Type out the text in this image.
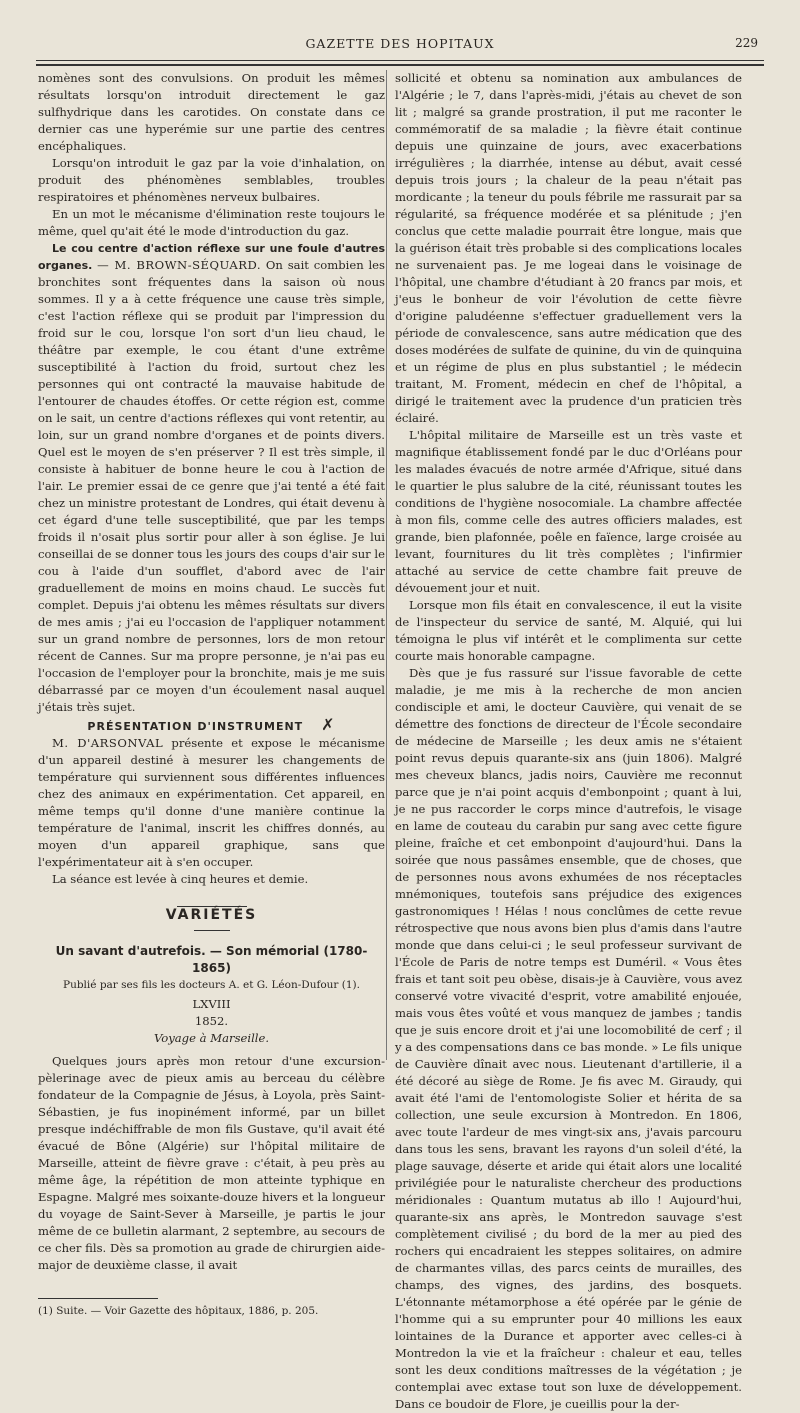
GAZETTE DES HOPITAUX	229

nomènes sont des convulsions. On produit les mêmes résultats lorsqu'on introduit directement le gaz sulfhydrique dans les carotides. On constate dans ce dernier cas une hyperémie sur une partie des centres encéphaliques.

Lorsqu'on introduit le gaz par la voie d'inhalation, on produit des phénomènes semblables, troubles respiratoires et phénomènes nerveux bulbaires.

En un mot le mécanisme d'élimination reste toujours le même, quel qu'ait été le mode d'introduction du gaz.

Le cou centre d'action réflexe sur une foule d'autres organes. — M. BROWN-SÉQUARD. On sait combien les bronchites sont fréquentes dans la saison où nous sommes. Il y a à cette fréquence une cause très simple, c'est l'action réflexe qui se produit par l'impression du froid sur le cou, lorsque l'on sort d'un lieu chaud, le théâtre par exemple, le cou étant d'une extrême susceptibilité à l'action du froid, surtout chez les personnes qui ont contracté la mauvaise habitude de l'entourer de chaudes étoffes. Or cette région est, comme on le sait, un centre d'actions réflexes qui vont retentir, au loin, sur un grand nombre d'organes et de points divers. Quel est le moyen de s'en préserver ? Il est très simple, il consiste à habituer de bonne heure le cou à l'action de l'air. Le premier essai de ce genre que j'ai tenté a été fait chez un ministre protestant de Londres, qui était devenu à cet égard d'une telle susceptibilité, que par les temps froids il n'osait plus sortir pour aller à son église. Je lui conseillai de se donner tous les jours des coups d'air sur le cou à l'aide d'un soufflet, d'abord avec de l'air graduellement de moins en moins chaud. Le succès fut complet. Depuis j'ai obtenu les mêmes résultats sur divers de mes amis ; j'ai eu l'occasion de l'appliquer notamment sur un grand nombre de personnes, lors de mon retour récent de Cannes. Sur ma propre personne, je n'ai pas eu l'occasion de l'employer pour la bronchite, mais je me suis débarrassé par ce moyen d'un écoulement nasal auquel j'étais très sujet.

PRÉSENTATION D'INSTRUMENT   ✗

M. D'ARSONVAL présente et expose le mécanisme d'un appareil destiné à mesurer les changements de température qui surviennent sous différentes influences chez des animaux en expérimentation. Cet appareil, en même temps qu'il donne d'une manière continue la température de l'animal, inscrit les chiffres donnés, au moyen d'un appareil graphique, sans que l'expérimentateur ait à s'en occuper.

La séance est levée à cinq heures et demie.

VARIÉTÉS

Un savant d'autrefois. — Son mémorial (1780-1865)

Publié par ses fils les docteurs A. et G. Léon-Dufour (1).

LXVIII

1852.

Voyage à Marseille.

Quelques jours après mon retour d'une excursion-pèlerinage avec de pieux amis au berceau du célèbre fondateur de la Compagnie de Jésus, à Loyola, près Saint-Sébastien, je fus inopinément informé, par un billet presque indéchiffrable de mon fils Gustave, qu'il avait été évacué de Bône (Algérie) sur l'hôpital militaire de Marseille, atteint de fièvre grave : c'était, à peu près au même âge, la répétition de mon atteinte typhique en Espagne. Malgré mes soixante-douze hivers et la longueur du voyage de Saint-Sever à Marseille, je partis le jour même de ce bulletin alarmant, 2 septembre, au secours de ce cher fils. Dès sa promotion au grade de chirurgien aide-major de deuxième classe, il avait

(1) Suite. — Voir Gazette des hôpitaux, 1886, p. 205.

sollicité et obtenu sa nomination aux ambulances de l'Algérie ; le 7, dans l'après-midi, j'étais au chevet de son lit ; malgré sa grande prostration, il put me raconter le commémoratif de sa maladie ; la fièvre était continue depuis une quinzaine de jours, avec exacerbations irrégulières ; la diarrhée, intense au début, avait cessé depuis trois jours ; la chaleur de la peau n'était pas mordicante ; la teneur du pouls fébrile me rassurait par sa régularité, sa fréquence modérée et sa plénitude ; j'en conclus que cette maladie pourrait être longue, mais que la guérison était très probable si des complications locales ne survenaient pas. Je me logeai dans le voisinage de l'hôpital, une chambre d'étudiant à 20 francs par mois, et j'eus le bonheur de voir l'évolution de cette fièvre d'origine paludéenne s'effectuer graduellement vers la période de convalescence, sans autre médication que des doses modérées de sulfate de quinine, du vin de quinquina et un régime de plus en plus substantiel ; le médecin traitant, M. Froment, médecin en chef de l'hôpital, a dirigé le traitement avec la prudence d'un praticien très éclairé.

L'hôpital militaire de Marseille est un très vaste et magnifique établissement fondé par le duc d'Orléans pour les malades évacués de notre armée d'Afrique, situé dans le quartier le plus salubre de la cité, réunissant toutes les conditions de l'hygiène nosocomiale. La chambre affectée à mon fils, comme celle des autres officiers malades, est grande, bien plafonnée, poêle en faïence, large croisée au levant, fournitures du lit très complètes ; l'infirmier attaché au service de cette chambre fait preuve de dévouement jour et nuit.

Lorsque mon fils était en convalescence, il eut la visite de l'inspecteur du service de santé, M. Alquié, qui lui témoigna le plus vif intérêt et le complimenta sur cette courte mais honorable campagne.

Dès que je fus rassuré sur l'issue favorable de cette maladie, je me mis à la recherche de mon ancien condisciple et ami, le docteur Cauvière, qui venait de se démettre des fonctions de directeur de l'École secondaire de médecine de Marseille ; les deux amis ne s'étaient point revus depuis quarante-six ans (juin 1806). Malgré mes cheveux blancs, jadis noirs, Cauvière me reconnut parce que je n'ai point acquis d'embonpoint ; quant à lui, je ne pus raccorder le corps mince d'autrefois, le visage en lame de couteau du carabin pur sang avec cette figure pleine, fraîche et cet embonpoint d'aujourd'hui. Dans la soirée que nous passâmes ensemble, que de choses, que de personnes nous avons exhumées de nos réceptacles mnémoniques, toutefois sans préjudice des exigences gastronomiques ! Hélas ! nous conclûmes de cette revue rétrospective que nous avons bien plus d'amis dans l'autre monde que dans celui-ci ; le seul professeur survivant de l'École de Paris de notre temps est Duméril. « Vous êtes frais et tant soit peu obèse, disais-je à Cauvière, vous avez conservé votre vivacité d'esprit, votre amabilité enjouée, mais vous êtes voûté et vous manquez de jambes ; tandis que je suis encore droit et j'ai une locomobilité de cerf ; il y a des compensations dans ce bas monde. » Le fils unique de Cauvière dînait avec nous. Lieutenant d'artillerie, il a été décoré au siège de Rome. Je fis avec M. Giraudy, qui avait été l'ami de l'entomologiste Solier et hérita de sa collection, une seule excursion à Montredon. En 1806, avec toute l'ardeur de mes vingt-six ans, j'avais parcouru dans tous les sens, bravant les rayons d'un soleil d'été, la plage sauvage, déserte et aride qui était alors une localité privilégiée pour le naturaliste chercheur des productions méridionales : Quantum mutatus ab illo ! Aujourd'hui, quarante-six ans après, le Montredon sauvage s'est complètement civilisé ; du bord de la mer au pied des rochers qui encadraient les steppes solitaires, on admire de charmantes villas, des parcs ceints de murailles, des champs, des vignes, des jardins, des bosquets. L'étonnante métamorphose a été opérée par le génie de l'homme qui a su emprunter pour 40 millions les eaux lointaines de la Durance et apporter avec celles-ci à Montredon la vie et la fraîcheur : chaleur et eau, telles sont les deux conditions maîtresses de la végétation ; je contemplai avec extase tout son luxe de développement. Dans ce boudoir de Flore, je cueillis pour la der-
